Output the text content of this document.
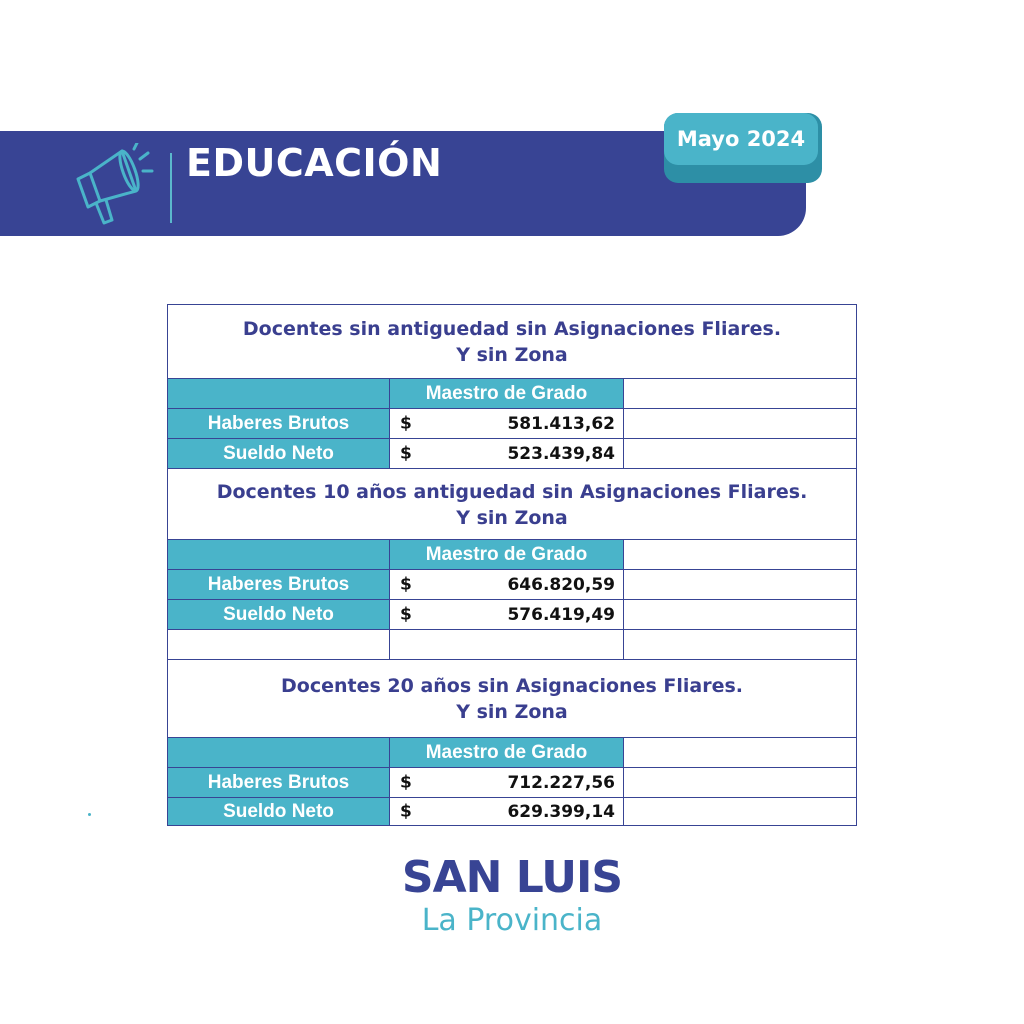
EDUCACIÓN
Mayo 2024
Docentes sin antiguedad sin Asignaciones Fliares.
Y sin Zona
Maestro de Grado
Haberes Brutos	$	581.413,62
Sueldo Neto	$	523.439,84
Docentes 10 años antiguedad sin Asignaciones Fliares.
Y sin Zona
Maestro de Grado
Haberes Brutos	$	646.820,59
Sueldo Neto	$	576.419,49
Docentes 20 años sin Asignaciones Fliares.
Y sin Zona
Maestro de Grado
Haberes Brutos	$	712.227,56
Sueldo Neto	$	629.399,14
SAN LUIS
La Provincia
